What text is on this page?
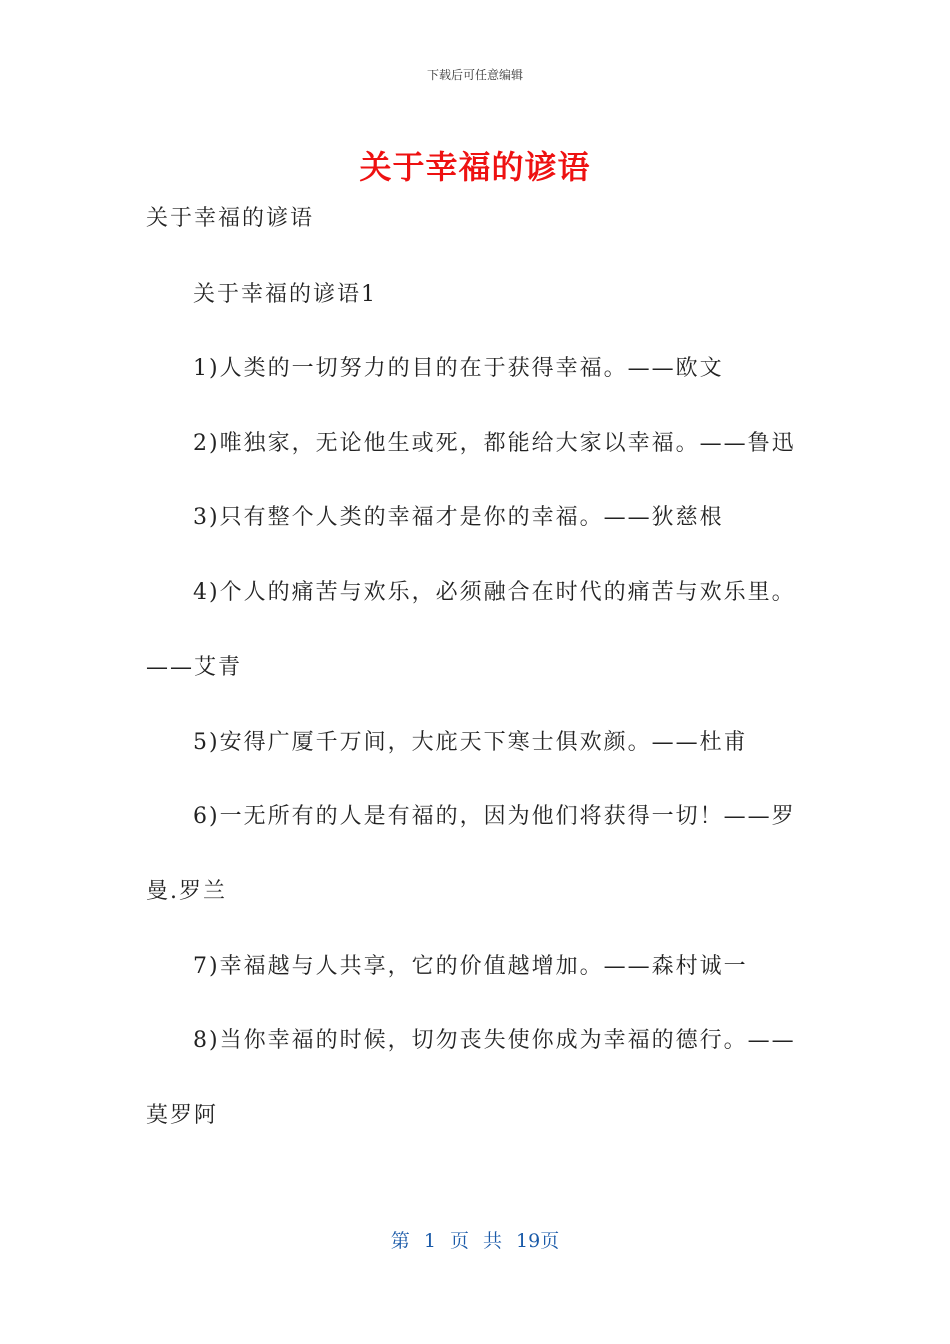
下载后可任意编辑
关于幸福的谚语
关于幸福的谚语
关于幸福的谚语1
1)人类的一切努力的目的在于获得幸福。——欧文
2)唯独家，无论他生或死，都能给大家以幸福。——鲁迅
3)只有整个人类的幸福才是你的幸福。——狄慈根
4)个人的痛苦与欢乐，必须融合在时代的痛苦与欢乐里。
——艾青
5)安得广厦千万间，大庇天下寒士俱欢颜。——杜甫
6)一无所有的人是有福的，因为他们将获得一切！——罗
曼.罗兰
7)幸福越与人共享，它的价值越增加。——森村诚一
8)当你幸福的时候，切勿丧失使你成为幸福的德行。——
莫罗阿
第 1 页 共 19页
